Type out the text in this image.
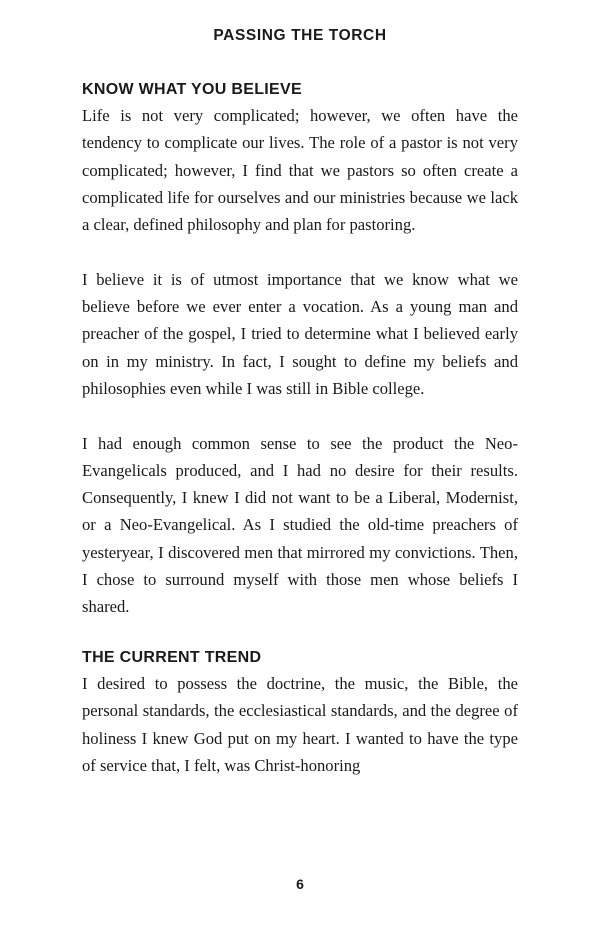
PASSING THE TORCH
KNOW WHAT YOU BELIEVE

Life is not very complicated; however, we often have the tendency to complicate our lives. The role of a pastor is not very complicated; however, I find that we pastors so often create a complicated life for ourselves and our ministries because we lack a clear, defined philosophy and plan for pastoring.

I believe it is of utmost importance that we know what we believe before we ever enter a vocation. As a young man and preacher of the gospel, I tried to determine what I believed early on in my ministry. In fact, I sought to define my beliefs and philosophies even while I was still in Bible college.

I had enough common sense to see the product the Neo-Evangelicals produced, and I had no desire for their results. Consequently, I knew I did not want to be a Liberal, Modernist, or a Neo-Evangelical. As I studied the old-time preachers of yesteryear, I discovered men that mirrored my convictions. Then, I chose to surround myself with those men whose beliefs I shared.

THE CURRENT TREND

I desired to possess the doctrine, the music, the Bible, the personal standards, the ecclesiastical standards, and the degree of holiness I knew God put on my heart. I wanted to have the type of service that, I felt, was Christ-honoring

6
